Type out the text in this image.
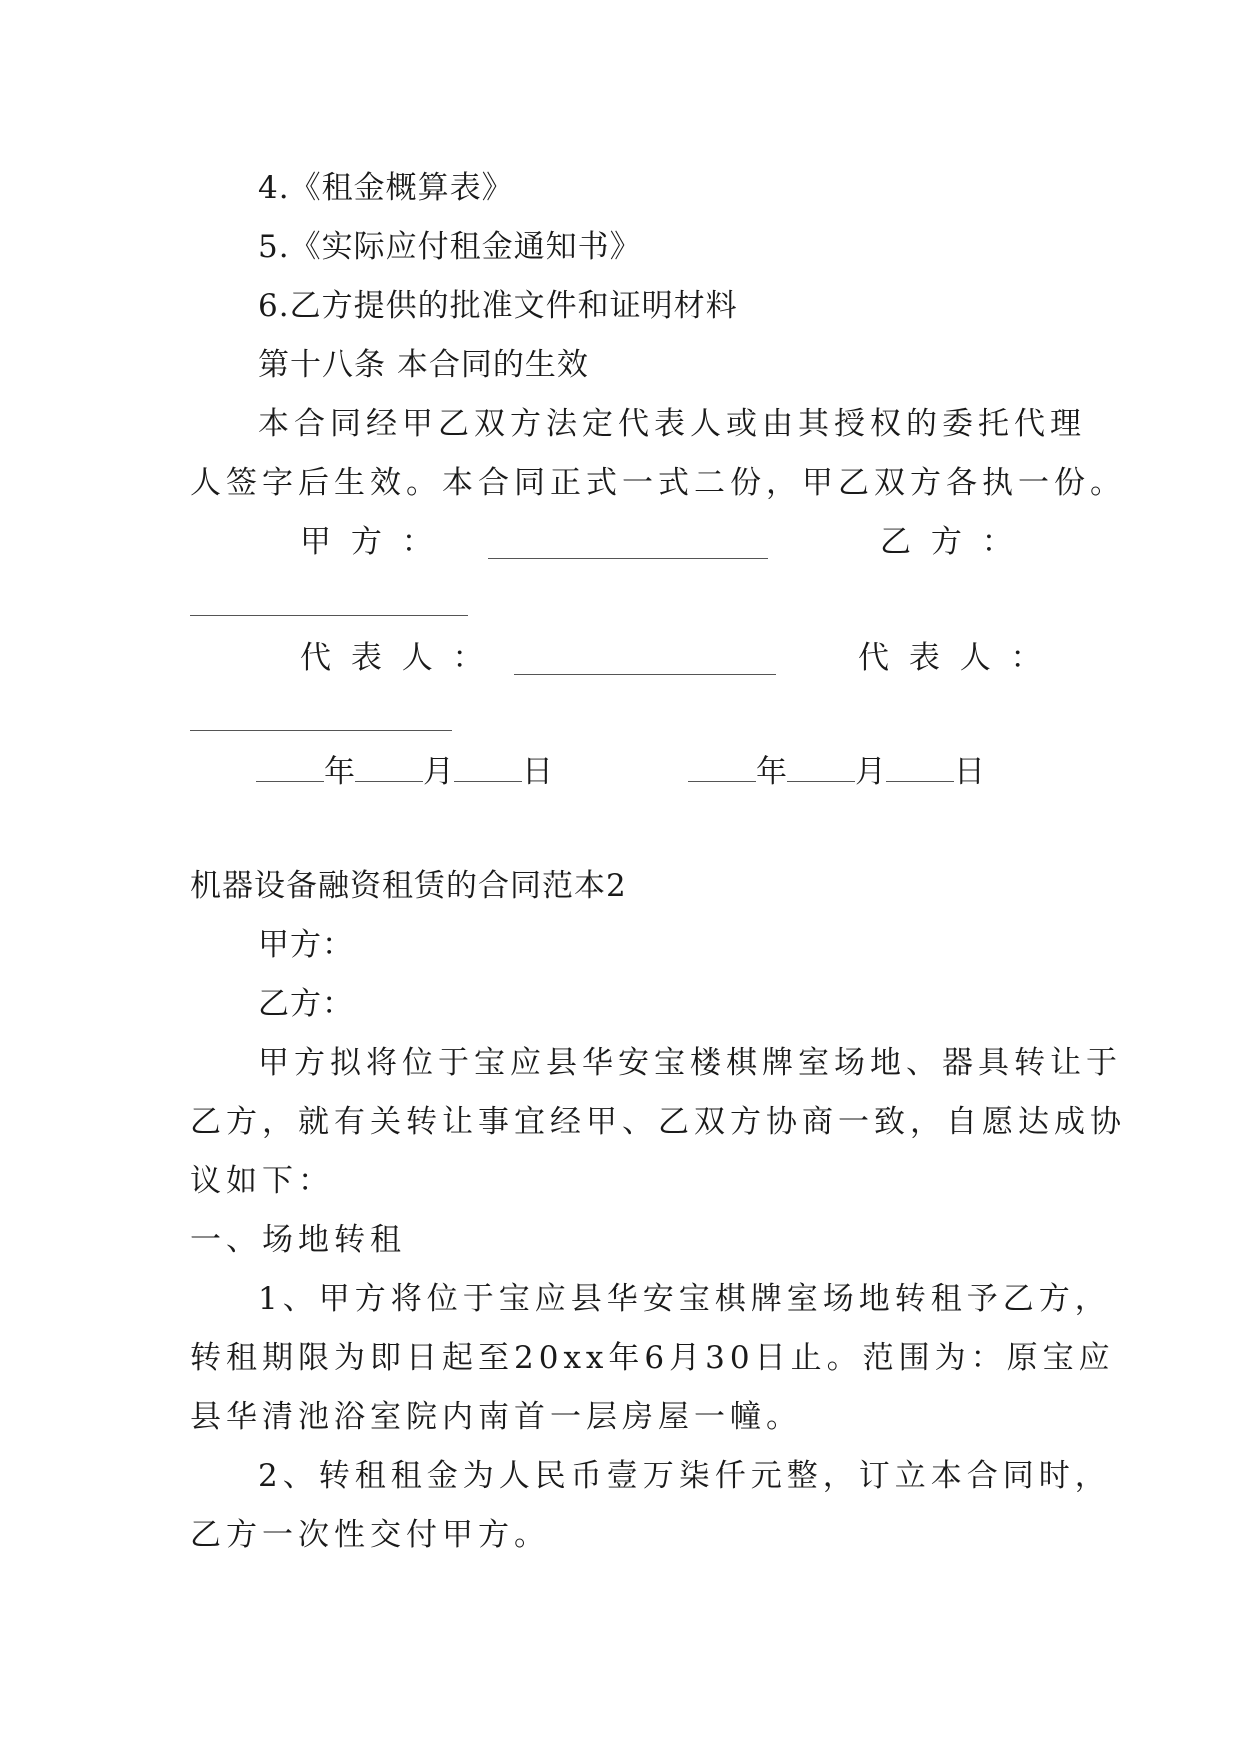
4.《租金概算表》
5.《实际应付租金通知书》
6.乙方提供的批准文件和证明材料
第十八条 本合同的生效
本合同经甲乙双方法定代表人或由其授权的委托代理
人签字后生效。本合同正式一式二份，甲乙双方各执一份。
甲 方 ：	乙 方 ：
代 表 人 ：	代 表 人 ：
年 月 日	年 月 日
机器设备融资租赁的合同范本2
甲方：
乙方：
甲方拟将位于宝应县华安宝楼棋牌室场地、器具转让于
乙方，就有关转让事宜经甲、乙双方协商一致，自愿达成协
议如下：
一、场地转租
1、甲方将位于宝应县华安宝棋牌室场地转租予乙方，
转租期限为即日起至20xx年6月30日止。范围为：原宝应
县华清池浴室院内南首一层房屋一幢。
2、转租租金为人民币壹万柒仟元整，订立本合同时，
乙方一次性交付甲方。
